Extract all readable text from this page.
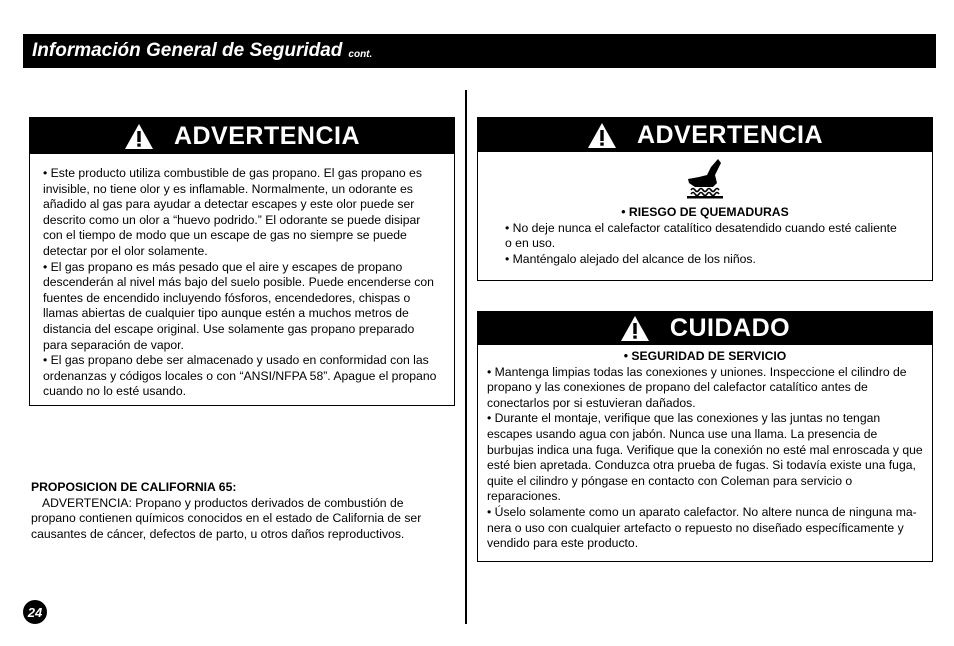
Información General de Seguridad cont.
ADVERTENCIA

• Este producto utiliza combustible de gas propano. El gas propano es invisible, no tiene olor y es inflamable. Normalmente, un odorante es añadido al gas para ayudar a detectar escapes y este olor puede ser descrito como un olor a “huevo podrido.” El odorante se puede disipar con el tiempo de modo que un escape de gas no siempre se puede detectar por el olor solamente.

• El gas propano es más pesado que el aire y escapes de propano descenderán al nivel más bajo del suelo posible. Puede encenderse con fuentes de encendido incluyendo fósforos, encendedores, chispas o llamas abiertas de cualquier tipo aunque estén a muchos metros de distancia del escape original. Use solamente gas propano preparado para separación de vapor.

• El gas propano debe ser almacenado y usado en conformidad con las ordenanzas y códigos locales o con “ANSI/NFPA 58”. Apague el propano cuando no lo esté usando.

PROPOSICION DE CALIFORNIA 65:

ADVERTENCIA: Propano y productos derivados de combustión de propano contienen químicos conocidos en el estado de California de ser causantes de cáncer, defectos de parto, u otros daños reproductivos.

ADVERTENCIA
• RIESGO DE QUEMADURAS

• No deje nunca el calefactor catalítico desatendido cuando esté caliente o en uso.

• Manténgalo alejado del alcance de los niños.

CUIDADO
• SEGURIDAD DE SERVICIO

• Mantenga limpias todas las conexiones y uniones. Inspeccione el cilindro de propano y las conexiones de propano del calefactor catalítico antes de conectarlos por si estuvieran dañados.

• Durante el montaje, verifique que las conexiones y las juntas no tengan escapes usando agua con jabón. Nunca use una llama. La presencia de burbujas indica una fuga. Verifique que la conexión no esté mal enroscada y que esté bien apretada. Conduzca otra prueba de fugas. Si todavía existe una fuga, quite el cilindro y póngase en contacto con Coleman para servicio o reparaciones.

• Úselo solamente como un aparato calefactor. No altere nunca de ninguna ma-nera o uso con cualquier artefacto o repuesto no diseñado específicamente y vendido para este producto.

24
